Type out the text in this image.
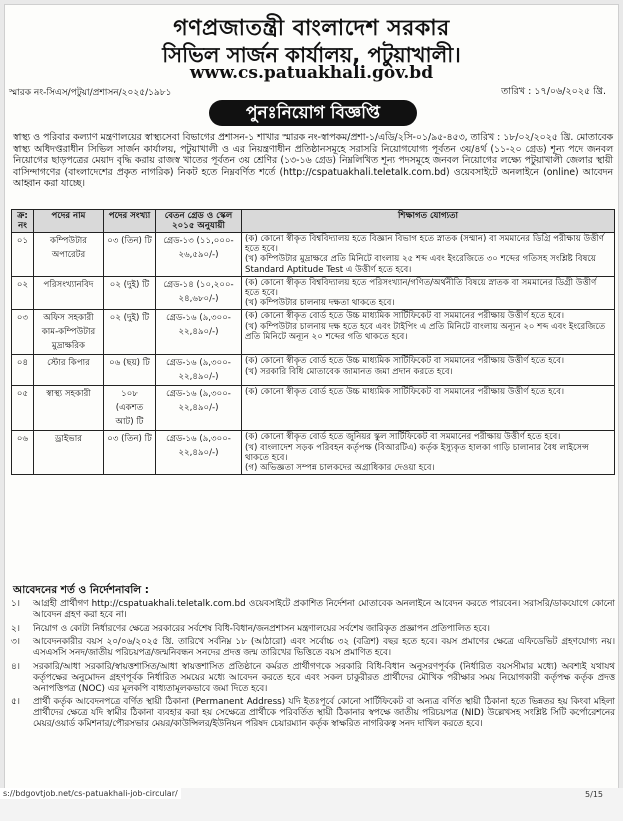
গণপ্রজাতন্ত্রী বাংলাদেশ সরকার
সিভিল সার্জন কার্যালয়, পটুয়াখালী।
www.cs.patuakhali.gov.bd
স্মারক নং-সিএস/পটুয়া/প্রশাসন/২০২৫/১৯৮১	তারিখ : ১৭/০৬/২০২৫ খ্রি.
পুনঃনিয়োগ বিজ্ঞপ্তি
স্বাস্থ্য ও পরিবার কল্যাণ মন্ত্রণালয়ের স্বাস্থ্যসেবা বিভাগের প্রশাসন-১ শাখার স্মারক নং-স্বাপকম/প্রশা-১/এডি/২সি-০১/৯৫-৪৫৩, তারিখ : ১৮/০২/২০২৫ খ্রি. মোতাবেক স্বাস্থ্য অধিদপ্তরাধীন সিভিল সার্জন কার্যালয়, পটুয়াখালী ও এর নিয়ন্ত্রণাধীন প্রতিষ্ঠানসমূহে সরাসরি নিয়োগযোগ্য পূর্বতন ৩য়/৪র্থ (১১-২০ গ্রেড) শূন্য পদে জনবল নিয়োগের ছাড়পত্রের মেয়াদ বৃদ্ধি করায় রাজস্ব খাতের পূর্বতন ৩য় শ্রেণির (১৩-১৬ গ্রেড) নিম্নলিখিত শূন্য পদসমূহে জনবল নিয়োগের লক্ষ্যে পটুয়াখালী জেলার স্থায়ী বাসিন্দাগণের (বাংলাদেশের প্রকৃত নাগরিক) নিকট হতে নিম্নবর্ণিত শর্তে (http://cspatuakhali.teletalk.com.bd) ওয়েবসাইটে অনলাইনে (online) আবেদন আহ্বান করা যাচ্ছে।
ক্র: নং	পদের নাম	পদের সংখ্যা	বেতন গ্রেড ও স্কেল ২০১৫ অনুযায়ী	শিক্ষাগত যোগ্যতা
০১	কম্পিউটার অপারেটর	০৩ (তিন) টি	গ্রেড-১৩ (১১,০০০- ২৬,৫৯০/-)	(ক) কোনো স্বীকৃত বিশ্ববিদ্যালয় হতে বিজ্ঞান বিভাগ হতে স্নাতক (সম্মান) বা সমমানের ডিগ্রি পরীক্ষায় উত্তীর্ণ হতে হবে।

(খ) কম্পিউটার মুদ্রাক্ষরে প্রতি মিনিটে বাংলায় ২৫ শব্দ এবং ইংরেজিতে ৩০ শব্দের গতিসহ সংশ্লিষ্ট বিষয়ে Standard Aptitude Test এ উত্তীর্ণ হতে হবে।

০২	পরিসংখ্যানবিদ	০২ (দুই) টি	গ্রেড-১৪ (১০,২০০- ২৪,৬৮০/-)	(ক) কোনো স্বীকৃত বিশ্ববিদ্যালয় হতে পরিসংখ্যান/গণিত/অর্থনীতি বিষয়ে স্নাতক বা সমমানের ডিগ্রী উত্তীর্ণ হতে হবে।

(খ) কম্পিউটার চালনায় দক্ষতা থাকতে হবে।

০৩	অফিস সহকারী কাম-কম্পিউটার মুদ্রাক্ষরিক	০২ (দুই) টি	গ্রেড-১৬ (৯,৩০০- ২২,৪৯০/-)	(ক) কোনো স্বীকৃত বোর্ড হতে উচ্চ মাধ্যমিক সার্টিফিকেট বা সমমানের পরীক্ষায় উত্তীর্ণ হতে হবে।

(খ) কম্পিউটার চালনায় দক্ষ হতে হবে এবং টাইপিং এ প্রতি মিনিটে বাংলায় অন্যূন ২০ শব্দ এবং ইংরেজিতে প্রতি মিনিটে অন্যূন ২০ শব্দের গতি থাকতে হবে।

০৪	স্টোর কিপার	০৬ (ছয়) টি	গ্রেড-১৬ (৯,৩০০- ২২,৪৯০/-)	(ক) কোনো স্বীকৃত বোর্ড হতে উচ্চ মাধ্যমিক সার্টিফিকেট বা সমমানের পরীক্ষায় উত্তীর্ণ হতে হবে।

(খ) সরকারি বিধি মোতাবেক জামানত জমা প্রদান করতে হবে।

০৫	স্বাস্থ্য সহকারী	১০৮ (একশত আট) টি	গ্রেড-১৬ (৯,৩০০- ২২,৪৯০/-)	(ক) কোনো স্বীকৃত বোর্ড হতে উচ্চ মাধ্যমিক সার্টিফিকেট বা সমমানের পরীক্ষায় উত্তীর্ণ হতে হবে।

০৬	ড্রাইভার	০৩ (তিন) টি	গ্রেড-১৬ (৯,৩০০- ২২,৪৯০/-)	(ক) কোনো স্বীকৃত বোর্ড হতে জুনিয়র স্কুল সার্টিফিকেট বা সমমানের পরীক্ষায় উত্তীর্ণ হতে হবে।

(খ) বাংলাদেশ সড়ক পরিবহন কর্তৃপক্ষ (বিআরটিএ) কর্তৃক ইস্যুকৃত হালকা গাড়ি চালানার বৈধ লাইসেন্স থাকতে হবে।

(গ) অভিজ্ঞতা সম্পন্ন চালকদের অগ্রাধিকার দেওয়া হবে।

আবেদনের শর্ত ও নির্দেশনাবলি :
১।	আগ্রহী প্রার্থীগণ http://cspatuakhali.teletalk.com.bd ওয়েবসাইটে প্রকাশিত নির্দেশনা মোতাবেক অনলাইনে আবেদন করতে পারবেন। সরাসরি/ডাকযোগে কোনো আবেদন গ্রহণ করা হবে না।
২।	নিয়োগ ও কোটা নির্ধারণের ক্ষেত্রে সরকারের সর্বশেষ বিধি-বিধান/জনপ্রশাসন মন্ত্রণালয়ের সর্বশেষ জারিকৃত প্রজ্ঞাপন প্রতিপালিত হবে।
৩।	আবেদনকারীর বয়স ২০/০৬/২০২৫ খ্রি. তারিখে সর্বনিম্ন ১৮ (আঠারো) এবং সর্বোচ্চ ৩২ (বত্রিশ) বছর হতে হবে। বয়স প্রমাণের ক্ষেত্রে এফিডেভিট গ্রহণযোগ্য নয়। এসএসসি সনদ/জাতীয় পরিচয়পত্র/জন্মনিবন্ধন সনদের প্রদত্ত জন্ম তারিখের ভিত্তিতে বয়স প্রমাণিত হবে।
৪।	সরকারি/আধা সরকারি/স্বায়ত্তশাসিত/আধা স্বায়ত্তশাসিত প্রতিষ্ঠানে কর্মরত প্রার্থীগণকে সরকারি বিধি-বিধান অনুসরণপূর্বক (নির্ধারিত বয়সসীমার মধ্যে) অবশ্যই যথাযথ কর্তৃপক্ষের অনুমোদন গ্রহণপূর্বক নির্ধারিত সময়ের মধ্যে আবেদন করতে হবে এবং সকল চাকুরীরত প্রার্থীদের মৌখিক পরীক্ষার সময় নিয়োগকারী কর্তৃপক্ষ কর্তৃক প্রদত্ত অনাপত্তিপত্র (NOC) এর মূলকপি বাধ্যতামূলকভাবে জমা দিতে হবে।
৫।	প্রার্থী কর্তৃক আবেদনপত্রে বর্ণিত স্থায়ী ঠিকানা (Permanent Address) যদি ইতঃপূর্বে কোনো সার্টিফিকেট বা অন্যত্র বর্ণিত স্থায়ী ঠিকানা হতে ভিন্নতর হয় কিংবা মহিলা প্রার্থীদের ক্ষেত্রে যদি স্বামীর ঠিকানা ব্যবহার করা হয় সেক্ষেত্রে প্রার্থীকে পরিবর্তিত স্থায়ী ঠিকানার স্বপক্ষে জাতীয় পরিচয়পত্র (NID) উল্লেখসহ সংশ্লিষ্ট সিটি কর্পোরেশনের মেয়র/ওয়ার্ড কমিশনার/পৌরসভার মেয়র/কাউন্সিলর/ইউনিয়ন পরিষদ চেয়ারম্যান কর্তৃক স্বাক্ষরিত নাগরিকত্ব সনদ দাখিল করতে হবে।
s://bdgovtjob.net/cs-patuakhali-job-circular/	5/15
